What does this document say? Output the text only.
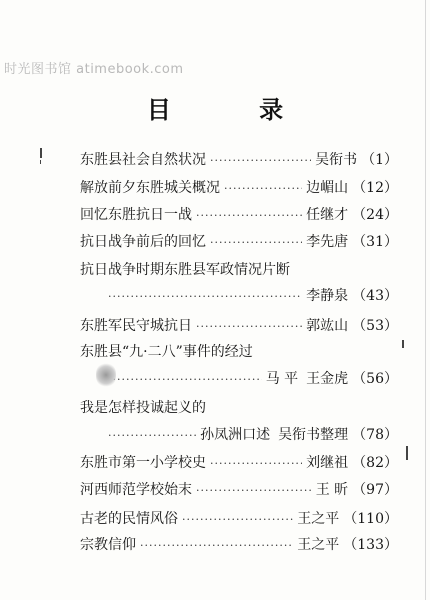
时光图书馆 atimebook.com
目 录
东胜县社会自然状况 ·····	吴衔书 （1）
解放前夕东胜城关概况 ·····	边嵋山 （12）
回忆东胜抗日一战 ·····	任继才 （24）
抗日战争前后的回忆 ·····	李先唐 （31）
抗日战争时期东胜县军政情况片断
·····
李静泉 （43）
东胜军民守城抗日 ·····	郭竑山 （53）
东胜县“九·二八”事件的经过
·····
马 平 王金虎 （56）
我是怎样投诚起义的
·····
孙凤洲口述 吴衔书整理 （78）
东胜市第一小学校史 ·····	刘继祖 （82）
河西师范学校始末 ·····	王 昕 （97）
古老的民情风俗 ·····	王之平 （110）
宗教信仰 ·····	王之平 （133）
